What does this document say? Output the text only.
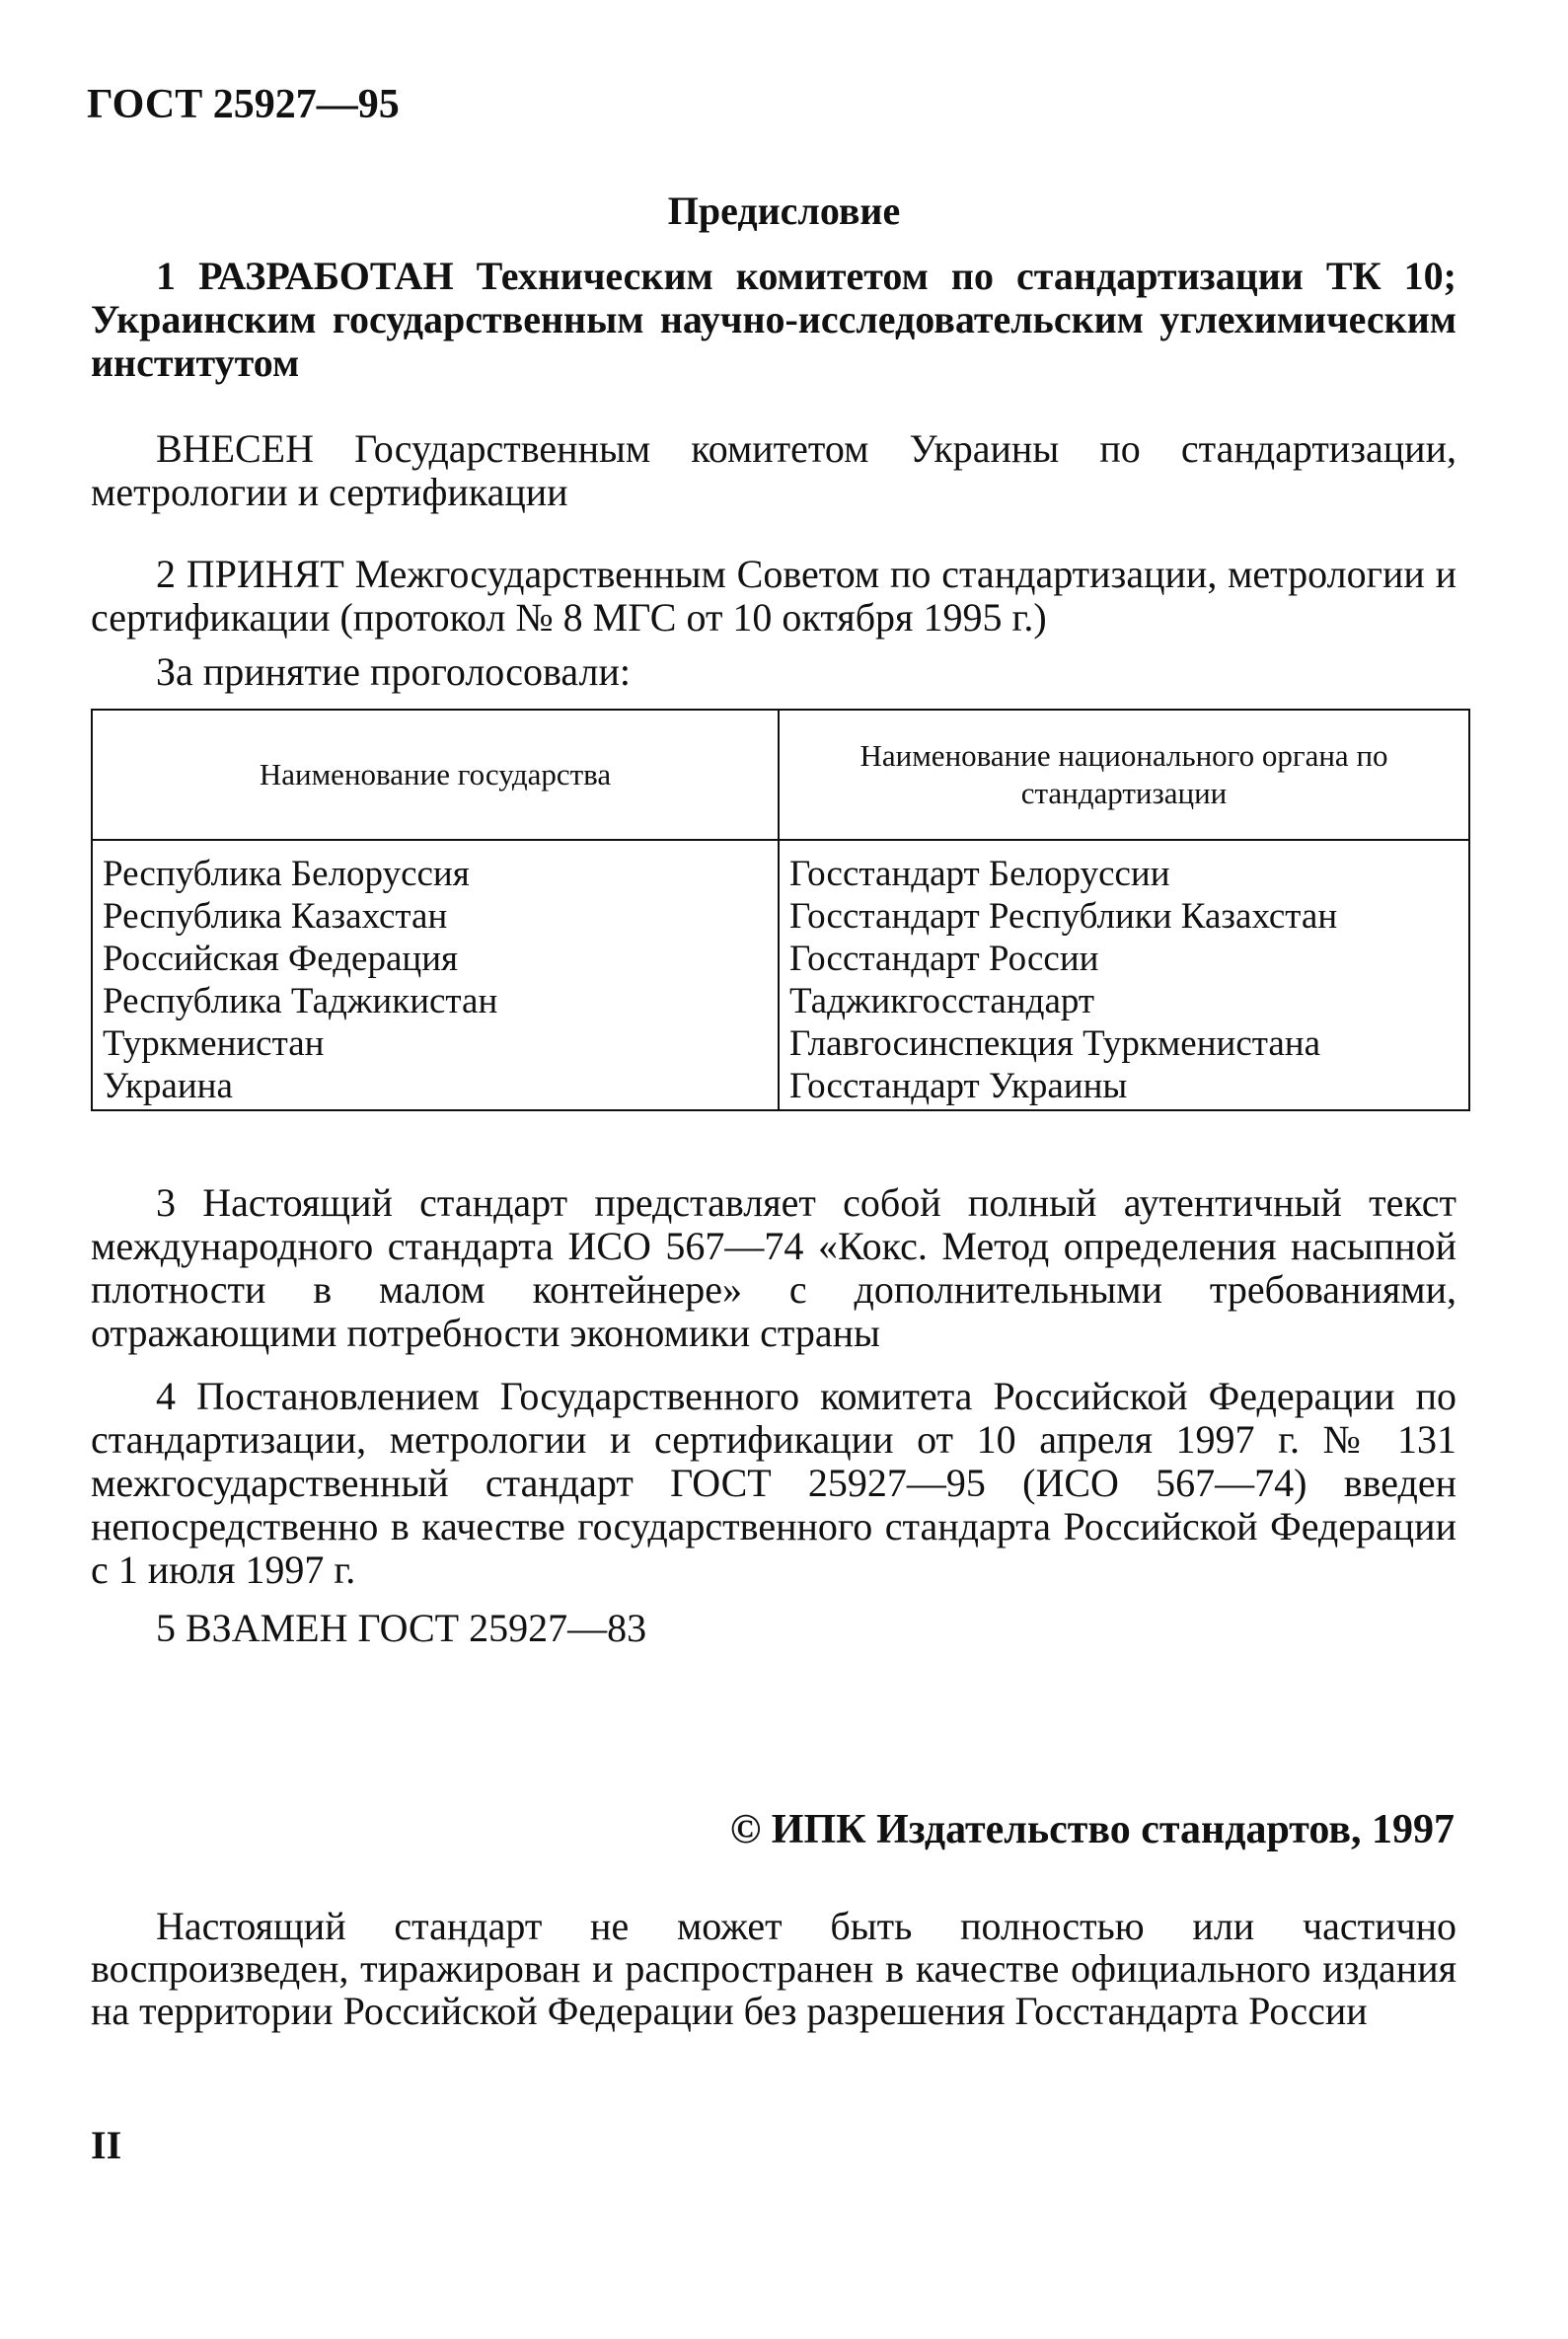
ГОСТ 25927—95
Предисловие

1 РАЗРАБОТАН Техническим комитетом по стандартизации ТК 10; Украинским государственным научно-исследовательским углехимическим институтом

ВНЕСЕН Государственным комитетом Украины по стандартизации, метрологии и сертификации

2 ПРИНЯТ Межгосударственным Советом по стандартизации, метрологии и сертификации (протокол № 8 МГС от 10 октября 1995 г.)

За принятие проголосовали:
Наименование государства	Наименование национального органа по стандартизации
Республика Белоруссия	Госстандарт Белоруссии
Республика Казахстан	Госстандарт Республики Казахстан
Российская Федерация	Госстандарт России
Республика Таджикистан	Таджикгосстандарт
Туркменистан	Главгосинспекция Туркменистана
Украина	Госстандарт Украины

3 Настоящий стандарт представляет собой полный аутентичный текст международного стандарта ИСО 567—74 «Кокс. Метод определения насыпной плотности в малом контейнере» с дополнительными требованиями, отражающими потребности экономики страны

4 Постановлением Государственного комитета Российской Федерации по стандартизации, метрологии и сертификации от 10 апреля 1997 г. № 131 межгосударственный стандарт ГОСТ 25927—95 (ИСО 567—74) введен непосредственно в качестве государственного стандарта Российской Федерации с 1 июля 1997 г.

5 ВЗАМЕН ГОСТ 25927—83

© ИПК Издательство стандартов, 1997

Настоящий стандарт не может быть полностью или частично воспроизведен, тиражирован и распространен в качестве официального издания на территории Российской Федерации без разрешения Госстандарта России

II
